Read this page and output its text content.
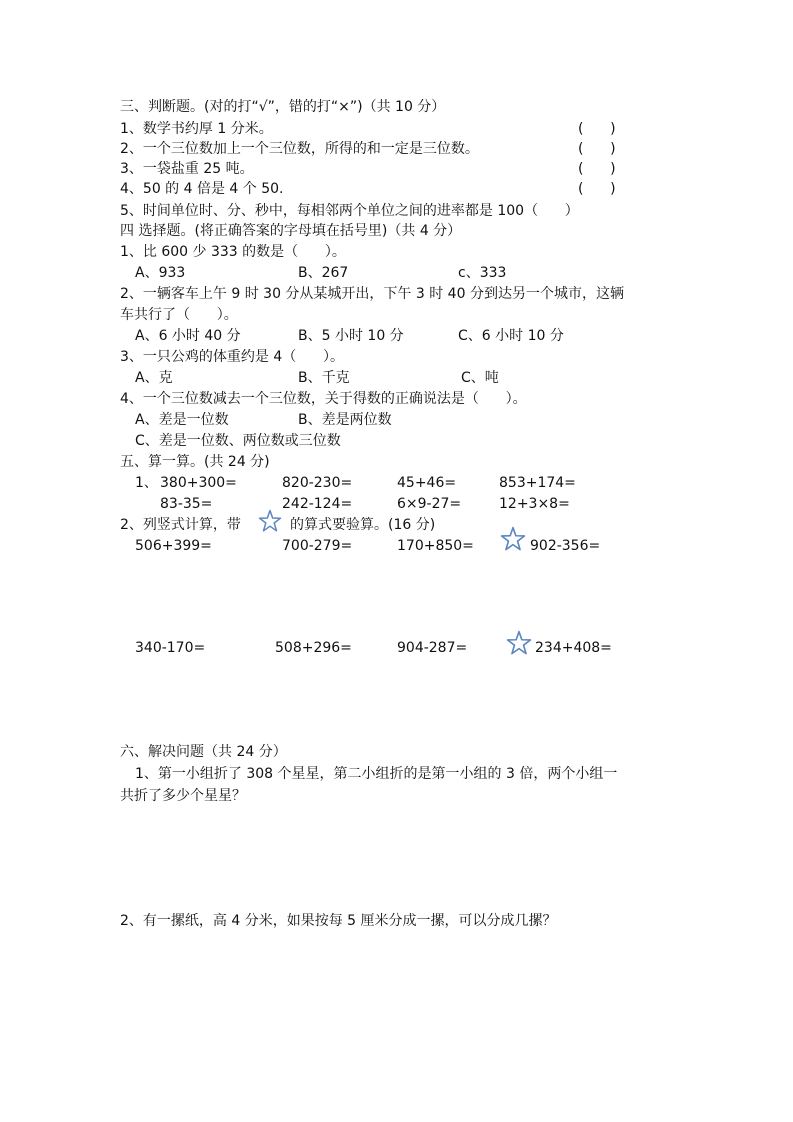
三、判断题。(对的打“√”，错的打“×”)（共 10 分）
1、数学书约厚 1 分米。	(      )
2、一个三位数加上一个三位数，所得的和一定是三位数。	(      )
3、一袋盐重 25 吨。	(      )
4、50 的 4 倍是 4 个 50.	(      )
5、时间单位时、分、秒中，每相邻两个单位之间的进率都是 100（      ）
四 选择题。(将正确答案的字母填在括号里)（共 4 分）
1、比 600 少 333 的数是（      ）。
A、933	B、267	c、333
2、一辆客车上午 9 时 30 分从某城开出，下午 3 时 40 分到达另一个城市，这辆
车共行了（      ）。
A、6 小时 40 分	B、5 小时 10 分	C、6 小时 10 分
3、一只公鸡的体重约是 4（      ）。
A、克	B、千克	C、吨
4、一个三位数减去一个三位数，关于得数的正确说法是（      ）。
A、差是一位数	B、差是两位数
C、差是一位数、两位数或三位数
五、算一算。(共 24 分)
1、 380+300=	820-230=	45+46=	853+174=
83-35=	242-124=	6×9-27=	12+3×8=
2、列竖式计算，带	的算式要验算。(16 分)
506+399=	700-279=	170+850=	902-356=
340-170=	508+296=	904-287=	234+408=
六、解决问题（共 24 分）
1、第一小组折了 308 个星星，第二小组折的是第一小组的 3 倍，两个小组一
共折了多少个星星？
2、有一摞纸，高 4 分米，如果按每 5 厘米分成一摞，可以分成几摞？
